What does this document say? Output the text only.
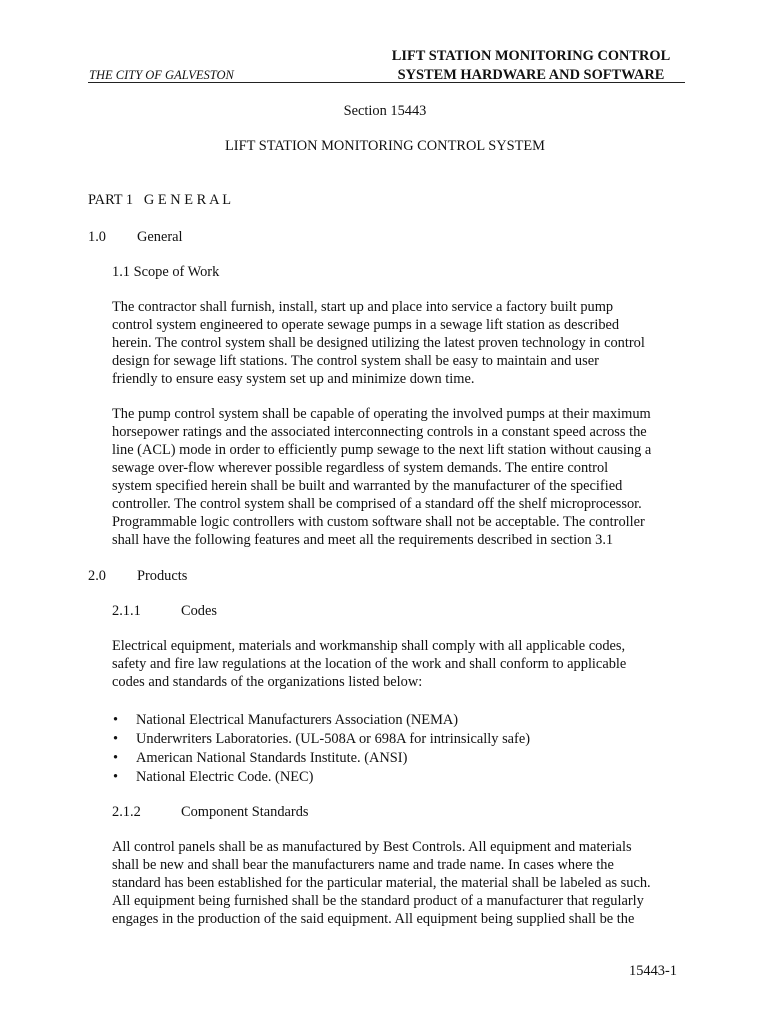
THE CITY OF GALVESTON
LIFT STATION MONITORING CONTROL
SYSTEM HARDWARE AND SOFTWARE
Section 15443
LIFT STATION MONITORING CONTROL SYSTEM
PART 1   G E N E R A L
1.0 General
1.1 Scope of Work
The contractor shall furnish, install, start up and place into service a factory built pump
control system engineered to operate sewage pumps in a sewage lift station as described
herein. The control system shall be designed utilizing the latest proven technology in control
design for sewage lift stations. The control system shall be easy to maintain and user
friendly to ensure easy system set up and minimize down time.
The pump control system shall be capable of operating the involved pumps at their maximum
horsepower ratings and the associated interconnecting controls in a constant speed across the
line (ACL) mode in order to efficiently pump sewage to the next lift station without causing a
sewage over-flow wherever possible regardless of system demands. The entire control
system specified herein shall be built and warranted by the manufacturer of the specified
controller. The control system shall be comprised of a standard off the shelf microprocessor.
Programmable logic controllers with custom software shall not be acceptable. The controller
shall have the following features and meet all the requirements described in section 3.1
2.0 Products
2.1.1	Codes
Electrical equipment, materials and workmanship shall comply with all applicable codes,
safety and fire law regulations at the location of the work and shall conform to applicable
codes and standards of the organizations listed below:
• National Electrical Manufacturers Association (NEMA)
• Underwriters Laboratories. (UL-508A or 698A for intrinsically safe)
• American National Standards Institute. (ANSI)
• National Electric Code. (NEC)
2.1.2	Component Standards
All control panels shall be as manufactured by Best Controls. All equipment and materials
shall be new and shall bear the manufacturers name and trade name. In cases where the
standard has been established for the particular material, the material shall be labeled as such.
All equipment being furnished shall be the standard product of a manufacturer that regularly
engages in the production of the said equipment. All equipment being supplied shall be the
15443-1
